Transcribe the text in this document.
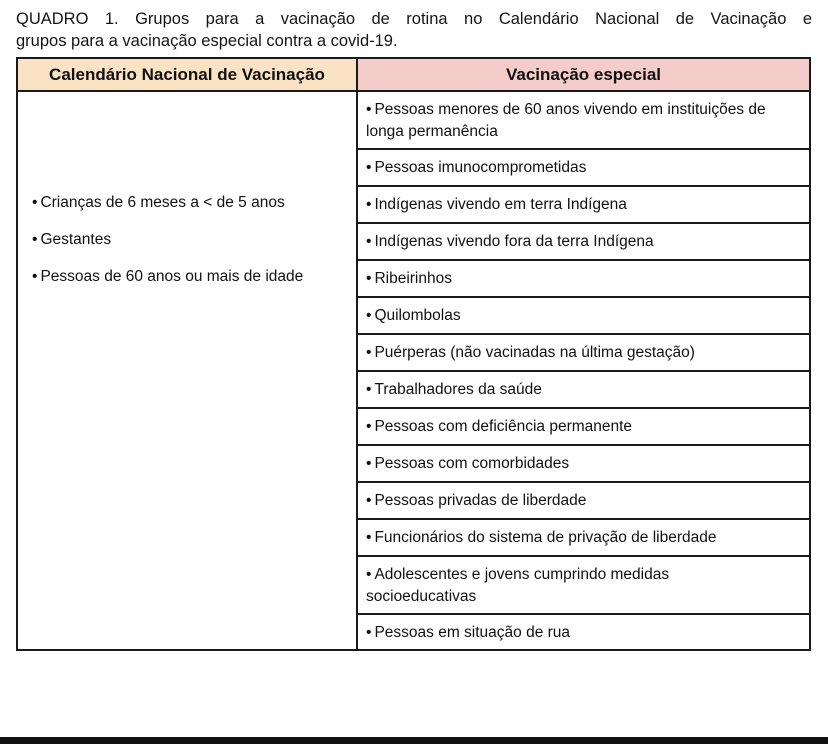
QUADRO 1. Grupos para a vacinação de rotina no Calendário Nacional de Vacinação e
grupos para a vacinação especial contra a covid-19.
Calendário Nacional de Vacinação	Vacinação especial
• Crianças de 6 meses a < de 5 anos
• Gestantes
• Pessoas de 60 anos ou mais de idade
• Pessoas menores de 60 anos vivendo em instituições de longa permanência
• Pessoas imunocomprometidas
• Indígenas vivendo em terra Indígena
• Indígenas vivendo fora da terra Indígena
• Ribeirinhos
• Quilombolas
• Puérperas (não vacinadas na última gestação)
• Trabalhadores da saúde
• Pessoas com deficiência permanente
• Pessoas com comorbidades
• Pessoas privadas de liberdade
• Funcionários do sistema de privação de liberdade
• Adolescentes e jovens cumprindo medidas socioeducativas
• Pessoas em situação de rua
